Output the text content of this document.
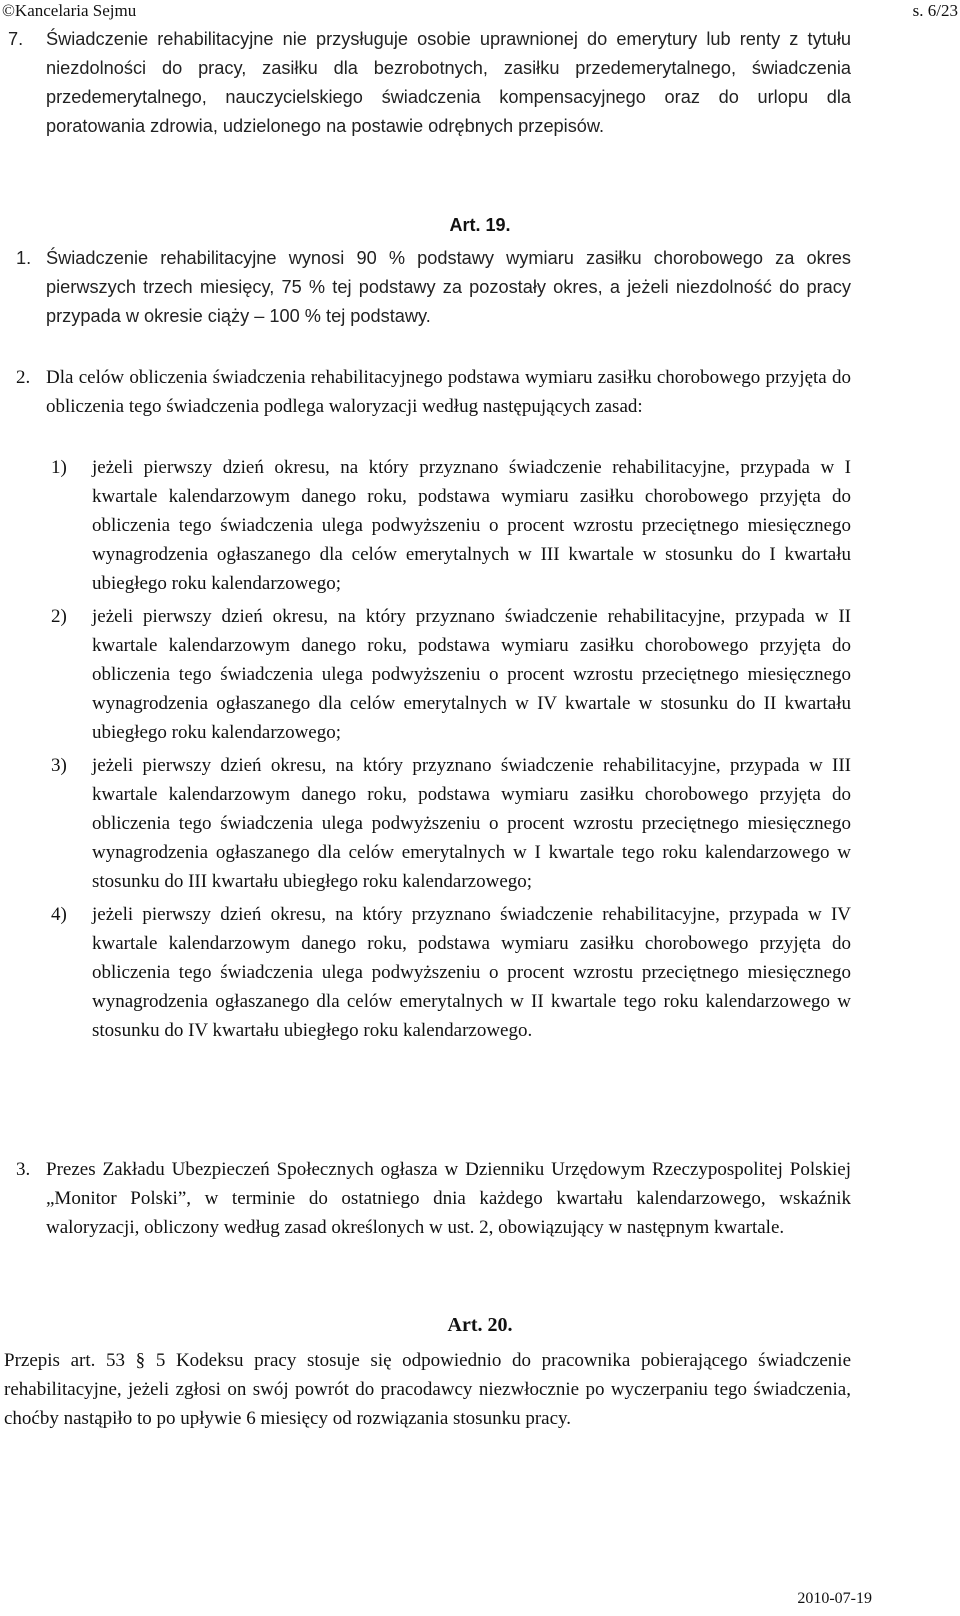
©Kancelaria Sejmu	s. 6/23
7.	Świadczenie rehabilitacyjne nie przysługuje osobie uprawnionej do emerytury lub renty z tytułu niezdolności do pracy, zasiłku dla bezrobotnych, zasiłku przedemerytalnego, świadczenia przedemerytalnego, nauczycielskiego świadczenia kompensacyjnego oraz do urlopu dla poratowania zdrowia, udzielonego na postawie odrębnych przepisów.
Art. 19.
1. Świadczenie rehabilitacyjne wynosi 90 % podstawy wymiaru zasiłku chorobowego za okres pierwszych trzech miesięcy, 75 % tej podstawy za pozostały okres, a jeżeli niezdolność do pracy przypada w okresie ciąży – 100 % tej podstawy.
2. Dla celów obliczenia świadczenia rehabilitacyjnego podstawa wymiaru zasiłku chorobowego przyjęta do obliczenia tego świadczenia podlega waloryzacji według następujących zasad:
1) jeżeli pierwszy dzień okresu, na który przyznano świadczenie rehabilitacyjne, przypada w I kwartale kalendarzowym danego roku, podstawa wymiaru zasiłku chorobowego przyjęta do obliczenia tego świadczenia ulega podwyższeniu o procent wzrostu przeciętnego miesięcznego wynagrodzenia ogłaszanego dla celów emerytalnych w III kwartale w stosunku do I kwartału ubiegłego roku kalendarzowego;
2) jeżeli pierwszy dzień okresu, na który przyznano świadczenie rehabilitacyjne, przypada w II kwartale kalendarzowym danego roku, podstawa wymiaru zasiłku chorobowego przyjęta do obliczenia tego świadczenia ulega podwyższeniu o procent wzrostu przeciętnego miesięcznego wynagrodzenia ogłaszanego dla celów emerytalnych w IV kwartale w stosunku do II kwartału ubiegłego roku kalendarzowego;
3) jeżeli pierwszy dzień okresu, na który przyznano świadczenie rehabilitacyjne, przypada w III kwartale kalendarzowym danego roku, podstawa wymiaru zasiłku chorobowego przyjęta do obliczenia tego świadczenia ulega podwyższeniu o procent wzrostu przeciętnego miesięcznego wynagrodzenia ogłaszanego dla celów emerytalnych w I kwartale tego roku kalendarzowego w stosunku do III kwartału ubiegłego roku kalendarzowego;
4) jeżeli pierwszy dzień okresu, na który przyznano świadczenie rehabilitacyjne, przypada w IV kwartale kalendarzowym danego roku, podstawa wymiaru zasiłku chorobowego przyjęta do obliczenia tego świadczenia ulega podwyższeniu o procent wzrostu przeciętnego miesięcznego wynagrodzenia ogłaszanego dla celów emerytalnych w II kwartale tego roku kalendarzowego w stosunku do IV kwartału ubiegłego roku kalendarzowego.
3. Prezes Zakładu Ubezpieczeń Społecznych ogłasza w Dzienniku Urzędowym Rzeczypospolitej Polskiej „Monitor Polski”, w terminie do ostatniego dnia każdego kwartału kalendarzowego, wskaźnik waloryzacji, obliczony według zasad określonych w ust. 2, obowiązujący w następnym kwartale.
Art. 20.
Przepis art. 53 § 5 Kodeksu pracy stosuje się odpowiednio do pracownika pobierającego świadczenie rehabilitacyjne, jeżeli zgłosi on swój powrót do pracodawcy niezwłocznie po wyczerpaniu tego świadczenia, choćby nastąpiło to po upływie 6 miesięcy od rozwiązania stosunku pracy.
2010-07-19
